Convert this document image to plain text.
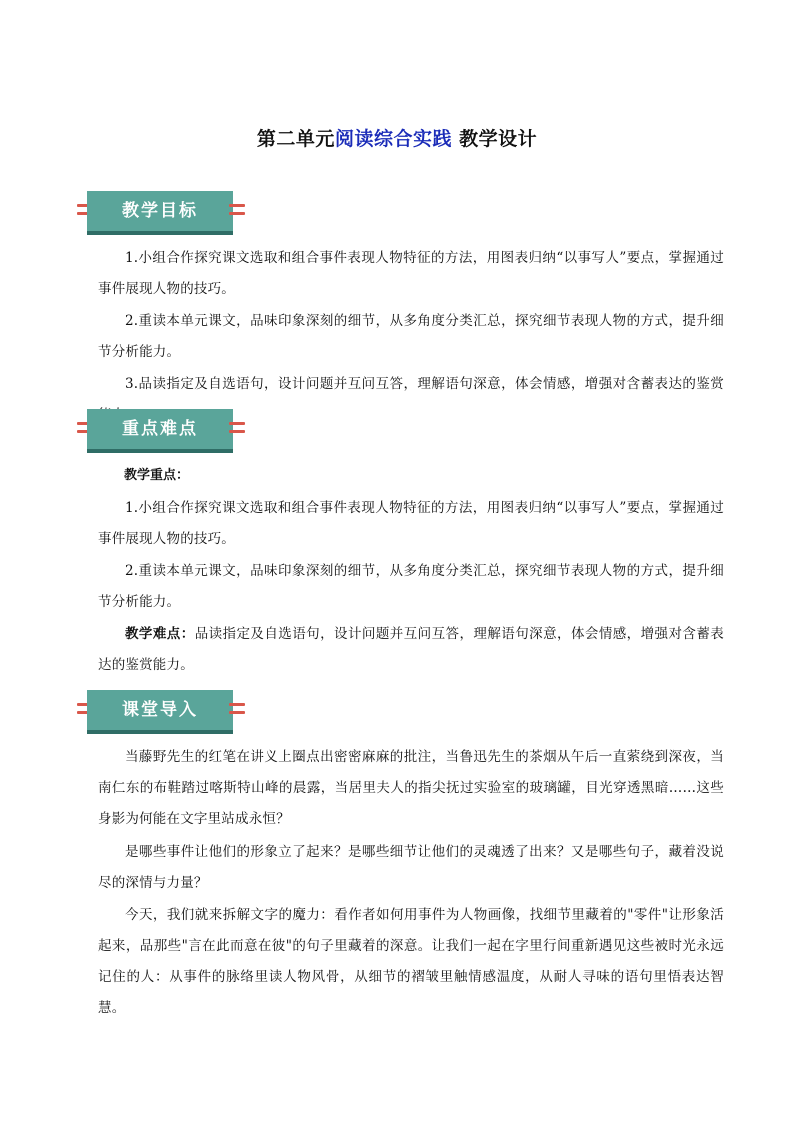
第二单元阅读综合实践 教学设计
教学目标
1.小组合作探究课文选取和组合事件表现人物特征的方法，用图表归纳“以事写人”要点，掌握通过事件展现人物的技巧。
2.重读本单元课文，品味印象深刻的细节，从多角度分类汇总，探究细节表现人物的方式，提升细节分析能力。
3.品读指定及自选语句，设计问题并互问互答，理解语句深意，体会情感，增强对含蓄表达的鉴赏
重点难点
教学重点：
1.小组合作探究课文选取和组合事件表现人物特征的方法，用图表归纳“以事写人”要点，掌握通过事件展现人物的技巧。
2.重读本单元课文，品味印象深刻的细节，从多角度分类汇总，探究细节表现人物的方式，提升细节分析能力。
教学难点：品读指定及自选语句，设计问题并互问互答，理解语句深意，体会情感，增强对含蓄表达的鉴赏能力。
课堂导入
当藤野先生的红笔在讲义上圈点出密密麻麻的批注，当鲁迅先生的茶烟从午后一直萦绕到深夜，当南仁东的布鞋踏过喀斯特山峰的晨露，当居里夫人的指尖抚过实验室的玻璃罐，目光穿透黑暗……这些身影为何能在文字里站成永恒？
是哪些事件让他们的形象立了起来？是哪些细节让他们的灵魂透了出来？又是哪些句子，藏着没说尽的深情与力量？
今天，我们就来拆解文字的魔力：看作者如何用事件为人物画像，找细节里藏着的"零件"让形象活起来，品那些"言在此而意在彼"的句子里藏着的深意。让我们一起在字里行间重新遇见这些被时光永远记住的人：从事件的脉络里读人物风骨，从细节的褶皱里触情感温度，从耐人寻味的语句里悟表达智慧。
